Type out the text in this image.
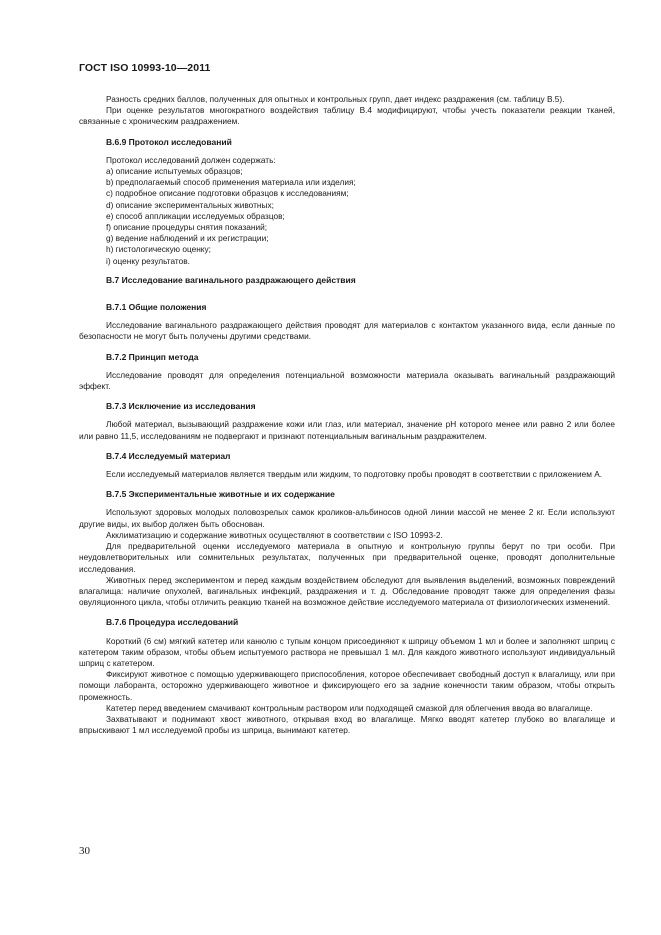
ГОСТ ISO 10993-10—2011

Разность средних баллов, полученных для опытных и контрольных групп, дает индекс раздражения (см. таблицу В.5).

При оценке результатов многократного воздействия таблицу В.4 модифицируют, чтобы учесть показатели реакции тканей, связанные с хроническим раздражением.

В.6.9 Протокол исследований

Протокол исследований должен содержать:

a) описание испытуемых образцов;
b) предполагаемый способ применения материала или изделия;
c) подробное описание подготовки образцов к исследованиям;
d) описание экспериментальных животных;
e) способ аппликации исследуемых образцов;
f) описание процедуры снятия показаний;
g) ведение наблюдений и их регистрации;
h) гистологическую оценку;
i) оценку результатов.
В.7 Исследование вагинального раздражающего действия
В.7.1 Общие положения

Исследование вагинального раздражающего действия проводят для материалов с контактом указанного вида, если данные по безопасности не могут быть получены другими средствами.

В.7.2 Принцип метода

Исследование проводят для определения потенциальной возможности материала оказывать вагинальный раздражающий эффект.

В.7.3 Исключение из исследования

Любой материал, вызывающий раздражение кожи или глаз, или материал, значение pH которого менее или равно 2 или более или равно 11,5, исследованиям не подвергают и признают потенциальным вагинальным раздражителем.

В.7.4 Исследуемый материал

Если исследуемый материалов является твердым или жидким, то подготовку пробы проводят в соответствии с приложением А.

В.7.5 Экспериментальные животные и их содержание

Используют здоровых молодых половозрелых самок кроликов-альбиносов одной линии массой не менее 2 кг. Если используют другие виды, их выбор должен быть обоснован.

Акклиматизацию и содержание животных осуществляют в соответствии с ISO 10993-2.

Для предварительной оценки исследуемого материала в опытную и контрольную группы берут по три особи. При неудовлетворительных или сомнительных результатах, полученных при предварительной оценке, проводят дополнительные исследования.

Животных перед экспериментом и перед каждым воздействием обследуют для выявления выделений, возможных повреждений влагалища: наличие опухолей, вагинальных инфекций, раздражения и т. д. Обследование проводят также для определения фазы овуляционного цикла, чтобы отличить реакцию тканей на возможное действие исследуемого материала от физиологических изменений.

В.7.6 Процедура исследований

Короткий (6 см) мягкий катетер или канюлю с тупым концом присоединяют к шприцу объемом 1 мл и более и заполняют шприц с катетером таким образом, чтобы объем испытуемого раствора не превышал 1 мл. Для каждого животного используют индивидуальный шприц с катетером.

Фиксируют животное с помощью удерживающего приспособления, которое обеспечивает свободный доступ к влагалищу, или при помощи лаборанта, осторожно удерживающего животное и фиксирующего его за задние конечности таким образом, чтобы открыть промежность.

Катетер перед введением смачивают контрольным раствором или подходящей смазкой для облегчения ввода во влагалище.

Захватывают и поднимают хвост животного, открывая вход во влагалище. Мягко вводят катетер глубоко во влагалище и впрыскивают 1 мл исследуемой пробы из шприца, вынимают катетер.

30
